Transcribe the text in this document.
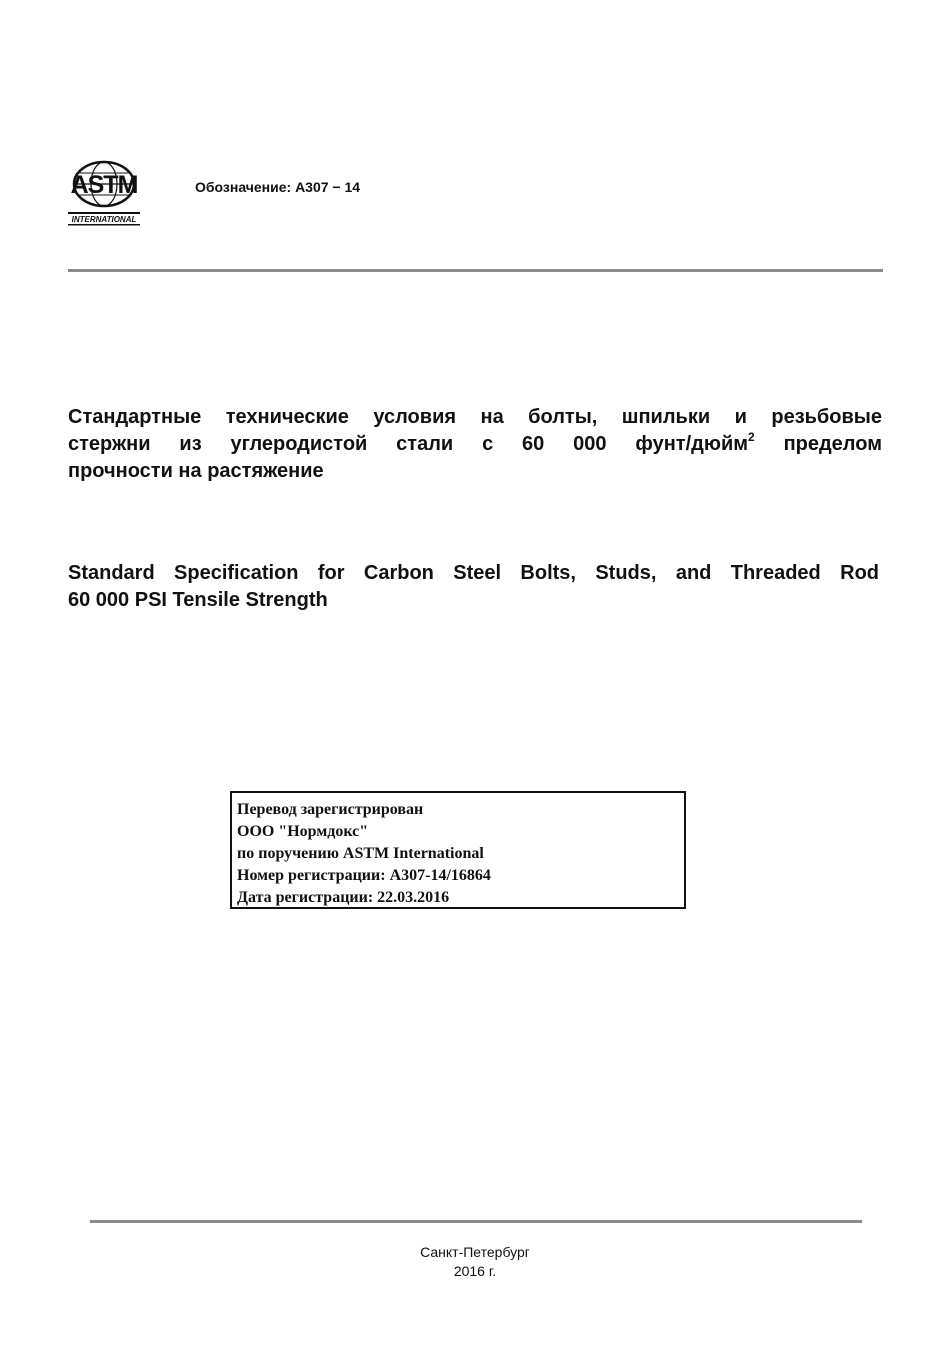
ASTM
INTERNATIONAL
Обозначение: A307 − 14
Стандартные технические условия на болты, шпильки и резьбовые
стержни из углеродистой стали с 60 000 фунт/дюйм$^2$ пределом
прочности на растяжение
Standard Specification for Carbon Steel Bolts, Studs, and Threaded Rod
60 000 PSI Tensile Strength
Перевод зарегистрирован
ООО "Нормдокс"
по поручению ASTM International
Номер регистрации: A307-14/16864
Дата регистрации: 22.03.2016
Санкт-Петербург
2016 г.
